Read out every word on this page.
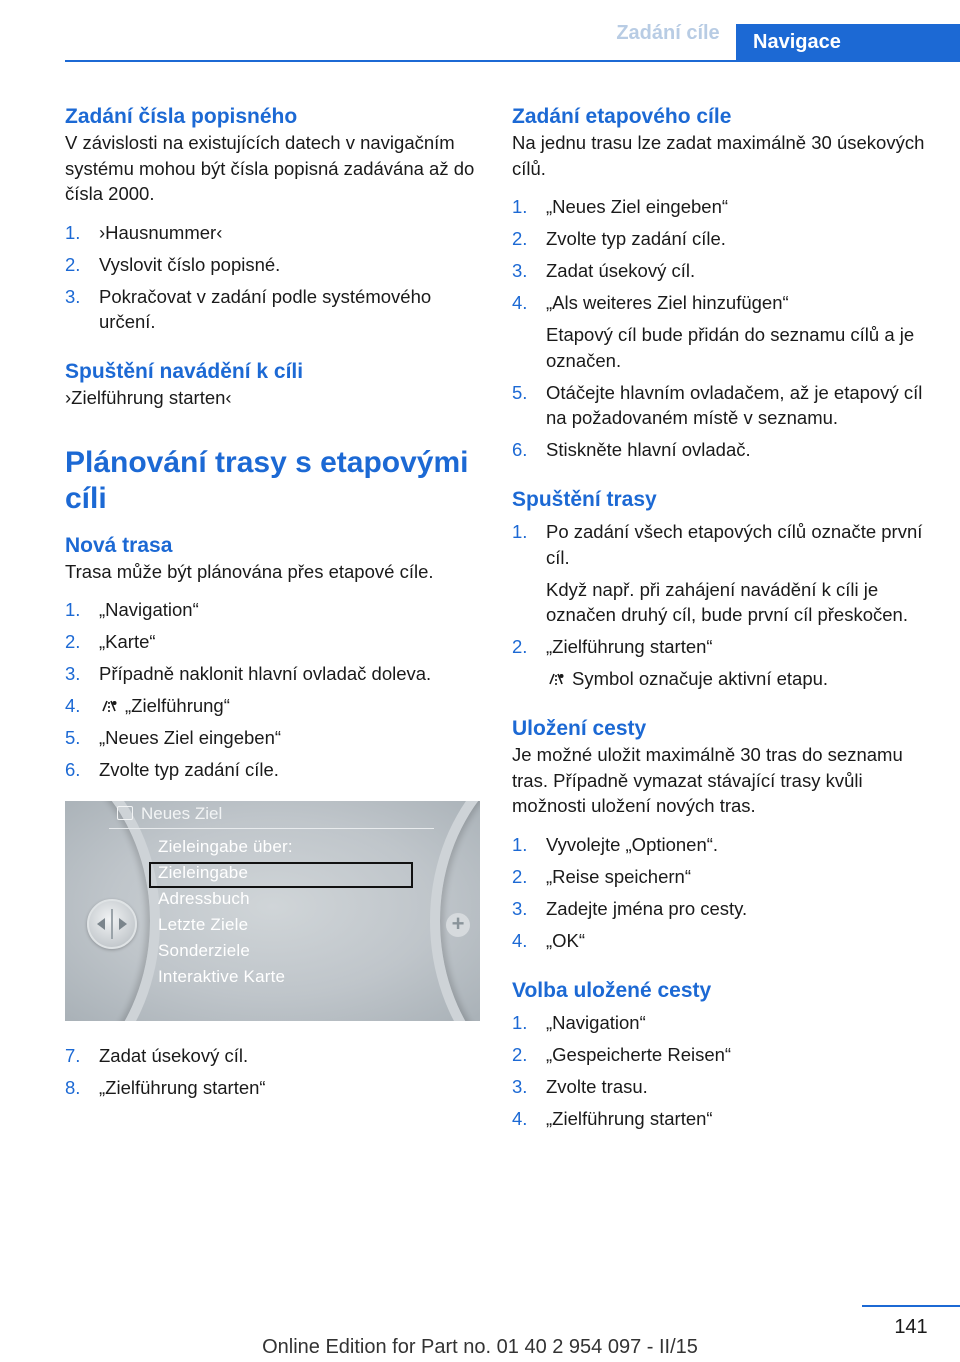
Zadání cíle	Navigace
Zadání čísla popisného

V závislosti na existujících datech v navigačním systému mohou být čísla popisná zadávána až do čísla 2000.

1. ›Hausnummer‹
2. Vyslovit číslo popisné.
3. Pokračovat v zadání podle systémového určení.
Spuštění navádění k cíli

›Zielführung starten‹

Plánování trasy s etapovými cíli
Nová trasa

Trasa může být plánována přes etapové cíle.

1. „Navigation“
2. „Karte“
3. Případně naklonit hlavní ovladač doleva.
4. „Zielführung“
5. „Neues Ziel eingeben“
6. Zvolte typ zadání cíle.
Neues Ziel
Zieleingabe über:
Zieleingabe
Adressbuch
Letzte Ziele
Sonderziele
Interaktive Karte
+
7. Zadat úsekový cíl.
8. „Zielführung starten“
Zadání etapového cíle

Na jednu trasu lze zadat maximálně 30 úsekových cílů.

1. „Neues Ziel eingeben“
2. Zvolte typ zadání cíle.
3. Zadat úsekový cíl.
4. „Als weiteres Ziel hinzufügen“
Etapový cíl bude přidán do seznamu cílů a je označen.
5. Otáčejte hlavním ovladačem, až je etapový cíl na požadovaném místě v seznamu.
6. Stiskněte hlavní ovladač.
Spuštění trasy
1. Po zadání všech etapových cílů označte první cíl.
Když např. při zahájení navádění k cíli je označen druhý cíl, bude první cíl přeskočen.
2. „Zielführung starten“
Symbol označuje aktivní etapu.
Uložení cesty

Je možné uložit maximálně 30 tras do seznamu tras. Případně vymazat stávající trasy kvůli možnosti uložení nových tras.

1. Vyvolejte „Optionen“.
2. „Reise speichern“
3. Zadejte jména pro cesty.
4. „OK“
Volba uložené cesty
1. „Navigation“
2. „Gespeicherte Reisen“
3. Zvolte trasu.
4. „Zielführung starten“
141
Online Edition for Part no. 01 40 2 954 097 - II/15
